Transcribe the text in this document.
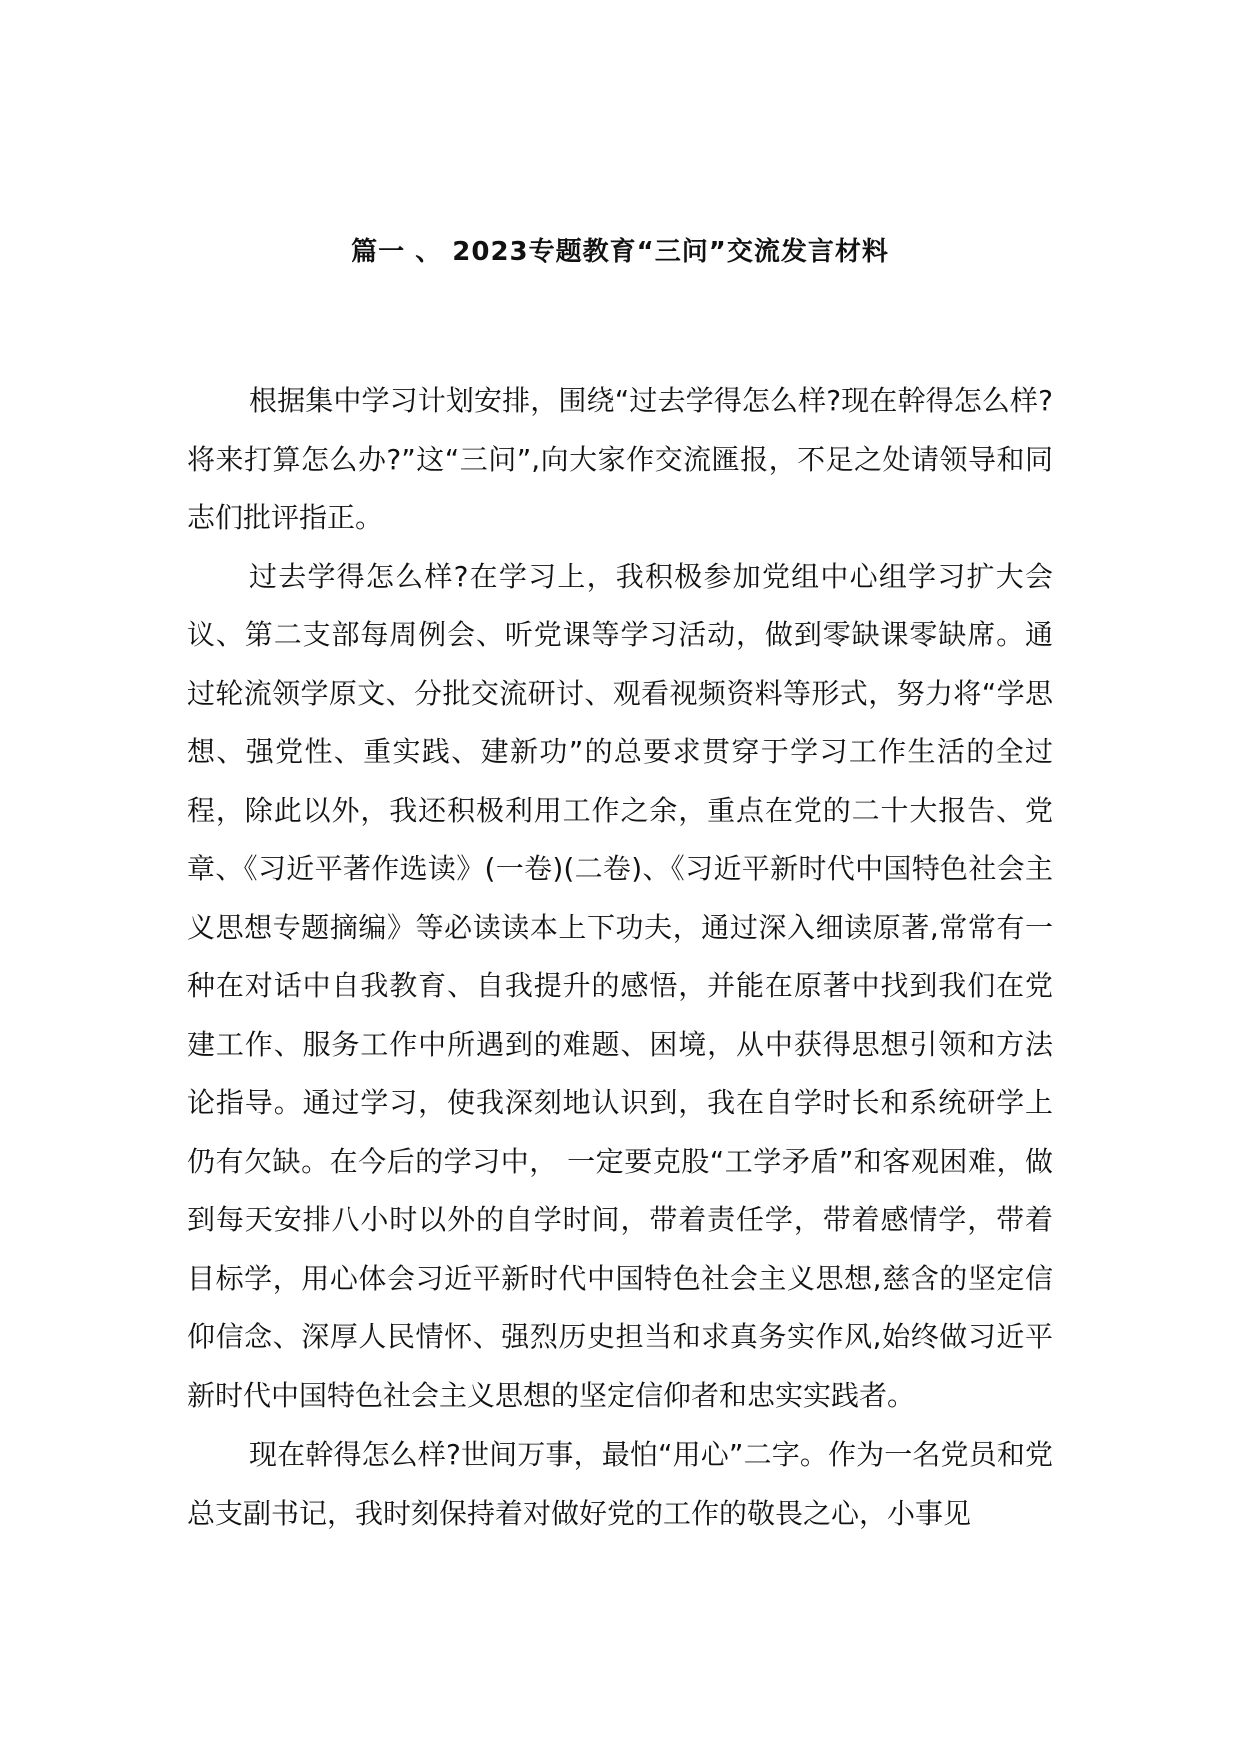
篇一 、 2023专题教育“三问”交流发言材料

根据集中学习计划安排，围绕“过去学得怎么样?现在幹得怎么样?将来打算怎么办?”这“三问”,向大家作交流匯报，不足之处请领导和同志们批评指正。

过去学得怎么样?在学习上，我积极参加党组中心组学习扩大会议、第二支部每周例会、听党课等学习活动，做到零缺课零缺席。通过轮流领学原文、分批交流研讨、观看视频资料等形式，努力将“学思想、强党性、重实践、建新功”的总要求贯穿于学习工作生活的全过程，除此以外，我还积极利用工作之余，重点在党的二十大报告、党章、《习近平著作选读》(一卷)(二卷)、《习近平新时代中国特色社会主义思想专题摘编》等必读读本上下功夫，通过深入细读原著,常常有一种在对话中自我教育、自我提升的感悟，并能在原著中找到我们在党建工作、服务工作中所遇到的难题、困境，从中获得思想引领和方法论指导。通过学习，使我深刻地认识到，我在自学时长和系统研学上仍有欠缺。在今后的学习中， 一定要克股“工学矛盾”和客观困难，做到每天安排八小时以外的自学时间，带着责任学，带着感情学，带着目标学，用心体会习近平新时代中国特色社会主义思想,慈含的坚定信仰信念、深厚人民情怀、强烈历史担当和求真务实作风,始终做习近平新时代中国特色社会主义思想的坚定信仰者和忠实实践者。

现在幹得怎么样?世间万事，最怕“用心”二字。作为一名党员和党总支副书记，我时刻保持着对做好党的工作的敬畏之心，小事见
